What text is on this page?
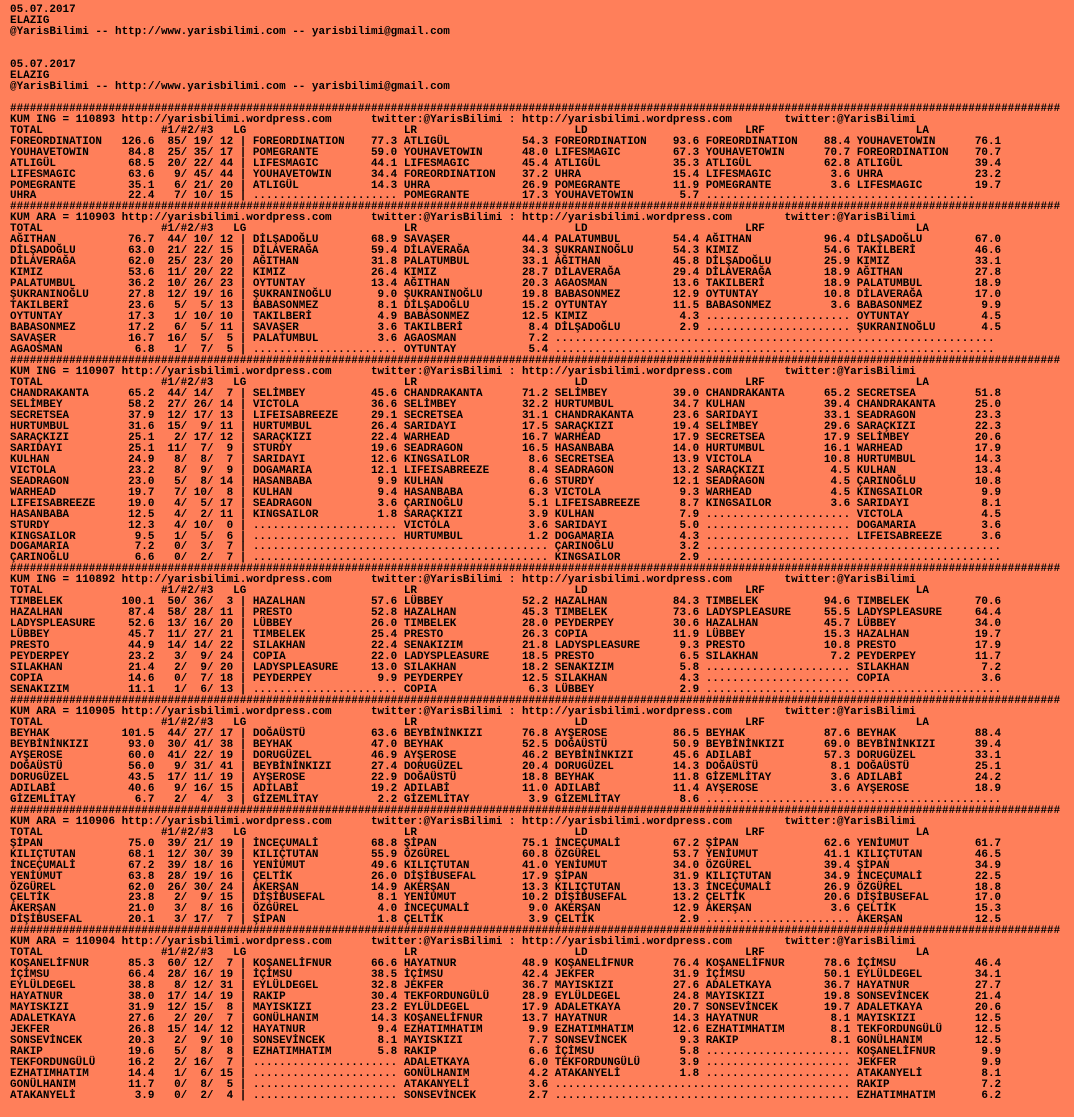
05.07.2017
ELAZIG
@YarisBilimi -- http://www.yarisbilimi.com -- yarisbilimi@gmail.com

05.07.2017
ELAZIG
@YarisBilimi -- http://www.yarisbilimi.com -- yarisbilimi@gmail.com

################################################################################################################################################################
KUM ING = 110893 http://yarisbilimi.wordpress.com      twitter:@YarisBilimi : http://yarisbilimi.wordpress.com        twitter:@YarisBilimi
TOTAL                  #1/#2/#3   LG                        LR                        LD                        LRF                       LA
FOREORDINATION   126.6  85/ 19/ 12 | FOREORDINATION    77.3 ATLIGÜL           54.3 FOREORDINATION    93.6 FOREORDINATION    88.4 YOUHAVETOWIN      76.1
YOUHAVETOWIN      84.8  25/ 35/ 17 | POMEGRANTE        59.0 YOUHAVETOWIN      48.0 LIFESMAGIC        67.3 YOUHAVETOWIN      70.7 FOREORDINATION    70.7
ATLIGÜL           68.5  20/ 22/ 44 | LIFESMAGIC        44.1 LIFESMAGIC        45.4 ATLIGÜL           35.3 ATLIGÜL           62.8 ATLIGÜL           39.4
LIFESMAGIC        63.6   9/ 45/ 44 | YOUHAVETOWIN      34.4 FOREORDINATION    37.2 UHRA              15.4 LIFESMAGIC         3.6 UHRA              23.2
POMEGRANTE        35.1   6/ 21/ 20 | ATLIGÜL           14.3 UHRA              26.9 POMEGRANTE        11.9 POMEGRANTE         3.6 LIFESMAGIC        19.7
UHRA              22.4   7/ 10/ 15 | ...................... POMEGRANTE        17.3 YOUHAVETOWIN       5.7 .........................................
################################################################################################################################################################
KUM ARA = 110903 http://yarisbilimi.wordpress.com      twitter:@YarisBilimi : http://yarisbilimi.wordpress.com        twitter:@YarisBilimi
TOTAL                  #1/#2/#3   LG                        LR                        LD                        LRF                       LA
AĞITHAN           76.7  44/ 10/ 12 | DİLŞADOĞLU        68.9 SAVAŞER           44.4 PALATUMBUL        54.4 AĞITHAN           96.4 DİLŞADOĞLU        67.0
DİLŞADOĞLU        63.0  21/ 22/ 15 | DİLAVERAĞA        59.4 DİLAVERAĞA        34.3 ŞUKRANINOĞLU      54.3 KIMIZ             54.6 TAKILBERİ         46.6
DİLAVERAĞA        62.0  25/ 23/ 20 | AĞITHAN           31.8 PALATUMBUL        33.1 AĞITHAN           45.8 DİLŞADOĞLU        25.9 KIMIZ             33.1
KIMIZ             53.6  11/ 20/ 22 | KIMIZ             26.4 KIMIZ             28.7 DİLAVERAĞA        29.4 DİLAVERAĞA        18.9 AĞITHAN           27.8
PALATUMBUL        36.2  10/ 26/ 23 | OYTUNTAY          13.4 AĞITHAN           20.3 AGAOSMAN          13.6 TAKILBERİ         18.9 PALATUMBUL        18.9
ŞUKRANINOĞLU      27.8  12/ 19/ 16 | ŞUKRANINOĞLU       9.0 ŞUKRANINOĞLU      19.8 BABASONMEZ        12.9 OYTUNTAY          10.8 DİLAVERAĞA        17.0
TAKILBERİ         23.6   5/  5/ 13 | BABASONMEZ         8.1 DİLŞADOĞLU        15.2 OYTUNTAY          11.5 BABASONMEZ         3.6 BABASONMEZ         9.9
OYTUNTAY          17.3   1/ 10/ 10 | TAKILBERİ          4.9 BABASONMEZ        12.5 KIMIZ              4.3 ...................... OYTUNTAY           4.5
BABASONMEZ        17.2   6/  5/ 11 | SAVAŞER            3.6 TAKILBERİ          8.4 DİLŞADOĞLU         2.9 ...................... ŞUKRANINOĞLU       4.5
SAVAŞER           16.7  16/  5/  5 | PALATUMBUL         3.6 AGAOSMAN           7.2 ...................................................................
AGAOSMAN           6.8   1/  7/  5 | ...................... OYTUNTAY           5.4 ...................................................................
################################################################################################################################################################
KUM ING = 110907 http://yarisbilimi.wordpress.com      twitter:@YarisBilimi : http://yarisbilimi.wordpress.com        twitter:@YarisBilimi
TOTAL                  #1/#2/#3   LG                        LR                        LD                        LRF                       LA
CHANDRAKANTA      65.2  44/ 14/  7 | SELİMBEY          45.6 CHANDRAKANTA      71.2 SELİMBEY          39.0 CHANDRAKANTA      65.2 SECRETSEA         51.8
SELİMBEY          58.2  27/ 26/ 14 | VICTOLA           36.6 SELİMBEY          32.2 HURTUMBUL         34.7 KULHAN            39.4 CHANDRAKANTA      25.0
SECRETSEA         37.9  12/ 17/ 13 | LIFEISABREEZE     29.1 SECRETSEA         31.1 CHANDRAKANTA      23.6 SARIDAYI          33.1 SEADRAGON         23.3
HURTUMBUL         31.6  15/  9/ 11 | HURTUMBUL         26.4 SARIDAYI          17.5 SARAÇKIZI         19.4 SELİMBEY          29.6 SARAÇKIZI         22.3
SARAÇKIZI         25.1   2/ 17/ 12 | SARAÇKIZI         22.4 WARHEAD           16.7 WARHEAD           17.9 SECRETSEA         17.9 SELİMBEY          20.6
SARIDAYI          25.1  11/  7/  9 | STURDY            19.6 SEADRAGON         16.5 HASANBABA         14.0 HURTUMBUL         16.1 WARHEAD           17.9
KULHAN            24.9   8/  8/  7 | SARIDAYI          12.6 KINGSAILOR         8.6 SECRETSEA         13.9 VICTOLA           10.8 HURTUMBUL         14.3
VICTOLA           23.2   8/  9/  9 | DOGAMARIA         12.1 LIFEISABREEZE      8.4 SEADRAGON         13.2 SARAÇKIZI          4.5 KULHAN            13.4
SEADRAGON         23.0   5/  8/ 14 | HASANBABA          9.9 KULHAN             6.6 STURDY            12.1 SEADRAGON          4.5 ÇARINOĞLU         10.8
WARHEAD           19.7   7/ 10/  8 | KULHAN             9.4 HASANBABA          6.3 VICTOLA            9.3 WARHEAD            4.5 KINGSAILOR         9.9
LIFEISABREEZE     19.0   4/  5/ 17 | SEADRAGON          3.6 ÇARINOĞLU          5.1 LIFEISABREEZE      8.7 KINGSAILOR         3.6 SARIDAYI           8.1
HASANBABA         12.5   4/  2/ 11 | KINGSAILOR         1.8 SARAÇKIZI          3.9 KULHAN             7.9 ...................... VICTOLA            4.5
STURDY            12.3   4/ 10/  0 | ...................... VICTOLA            3.6 SARIDAYI           5.0 ...................... DOGAMARIA          3.6
KINGSAILOR         9.5   1/  5/  6 | ...................... HURTUMBUL          1.2 DOGAMARIA          4.3 ...................... LIFEISABREEZE      3.6
DOGAMARIA          7.2   0/  3/  7 | ............................................. ÇARINOĞLU          3.2 .............................................
ÇARINOĞLU          6.6   0/  2/  7 | ............................................. KINGSAILOR         2.9 .............................................
################################################################################################################################################################
KUM ING = 110892 http://yarisbilimi.wordpress.com      twitter:@YarisBilimi : http://yarisbilimi.wordpress.com        twitter:@YarisBilimi
TOTAL                  #1/#2/#3   LG                        LR                        LD                        LRF                       LA
TIMBELEK         100.1  50/ 36/  3 | HAZALHAN          57.6 LÜBBEY            52.2 HAZALHAN          84.3 TIMBELEK          94.6 TIMBELEK          70.6
HAZALHAN          87.4  58/ 28/ 11 | PRESTO            52.8 HAZALHAN          45.3 TIMBELEK          73.6 LADYSPLEASURE     55.5 LADYSPLEASURE     64.4
LADYSPLEASURE     52.6  13/ 16/ 20 | LÜBBEY            26.0 TIMBELEK          28.0 PEYDERPEY         30.6 HAZALHAN          45.7 LÜBBEY            34.0
LÜBBEY            45.7  11/ 27/ 21 | TIMBELEK          25.4 PRESTO            26.3 COPIA             11.9 LÜBBEY            15.3 HAZALHAN          19.7
PRESTO            44.9  14/ 14/ 22 | SILAKHAN          22.4 SENAKIZIM         21.8 LADYSPLEASURE      9.3 PRESTO            10.8 PRESTO            17.9
PEYDERPEY         23.2   3/  9/ 24 | COPIA             22.0 LADYSPLEASURE     18.5 PRESTO             6.5 SILAKHAN           7.2 PEYDERPEY         11.7
SILAKHAN          21.4   2/  9/ 20 | LADYSPLEASURE     13.0 SILAKHAN          18.2 SENAKIZIM          5.8 ...................... SILAKHAN           7.2
COPIA             14.6   0/  7/ 18 | PEYDERPEY          9.9 PEYDERPEY         12.5 SILAKHAN           4.3 ...................... COPIA              3.6
SENAKIZIM         11.1   1/  6/ 13 | ...................... COPIA              6.3 LÜBBEY             2.9 .............................................
################################################################################################################################################################
KUM ARA = 110905 http://yarisbilimi.wordpress.com      twitter:@YarisBilimi : http://yarisbilimi.wordpress.com        twitter:@YarisBilimi
TOTAL                  #1/#2/#3   LG                        LR                        LD                        LRF                       LA
BEYHAK           101.5  44/ 27/ 17 | DOĞAÜSTÜ          63.6 BEYBİNİNKIZI      76.8 AYŞEROSE          86.5 BEYHAK            87.6 BEYHAK            88.4
BEYBİNİNKIZI      93.0  30/ 41/ 38 | BEYHAK            47.0 BEYHAK            52.5 DOĞAÜSTÜ          50.9 BEYBİNİNKIZI      69.0 BEYBİNİNKIZI      39.4
AYŞEROSE          60.0  41/ 22/ 19 | DORUGÜZEL         46.9 AYŞEROSE          46.2 BEYBİNİNKIZI      45.6 ADILABİ           57.3 DORUGÜZEL         33.1
DOĞAÜSTÜ          56.0   9/ 31/ 41 | BEYBİNİNKIZI      27.4 DORUGÜZEL         20.4 DORUGÜZEL         14.3 DOĞAÜSTÜ           8.1 DOĞAÜSTÜ          25.1
DORUGÜZEL         43.5  17/ 11/ 19 | AYŞEROSE          22.9 DOĞAÜSTÜ          18.8 BEYHAK            11.8 GİZEMLİTAY         3.6 ADILABİ           24.2
ADILABİ           40.6   9/ 16/ 15 | ADILABİ           19.2 ADILABİ           11.0 ADILABİ           11.4 AYŞEROSE           3.6 AYŞEROSE          18.9
GİZEMLİTAY         6.7   2/  4/  3 | GİZEMLİTAY         2.2 GİZEMLİTAY         3.9 GİZEMLİTAY         8.6 .............................................
################################################################################################################################################################
KUM ARA = 110906 http://yarisbilimi.wordpress.com      twitter:@YarisBilimi : http://yarisbilimi.wordpress.com        twitter:@YarisBilimi
TOTAL                  #1/#2/#3   LG                        LR                        LD                        LRF                       LA
ŞİPAN             75.0  39/ 21/ 19 | İNCEÇUMALİ        68.8 ŞİPAN             75.1 İNCEÇUMALİ        67.2 ŞİPAN             62.6 YENİUMUT          61.7
KILIÇTUTAN        68.1  12/ 30/ 39 | KILIÇTUTAN        55.9 ÖZGÜREL           60.8 ÖZGÜREL           53.7 YENİUMUT          41.1 KILIÇTUTAN        46.5
İNCEÇUMALİ        67.2  39/ 18/ 16 | YENİUMUT          49.6 KILIÇTUTAN        41.0 YENİUMUT          34.0 ÖZGÜREL           39.4 ŞİPAN             34.9
YENİUMUT          63.8  28/ 19/ 16 | ÇELTİK            26.0 DİŞİBUSEFAL       17.9 ŞİPAN             31.9 KILIÇTUTAN        34.9 İNCEÇUMALİ        22.5
ÖZGÜREL           62.0  26/ 30/ 24 | AKERŞAN           14.9 AKERŞAN           13.3 KILIÇTUTAN        13.3 İNCEÇUMALİ        26.9 ÖZGÜREL           18.8
ÇELTİK            23.8   2/  9/ 15 | DİŞİBUSEFAL        8.1 YENİUMUT          10.2 DİŞİBUSEFAL       13.2 ÇELTİK            20.6 DİŞİBUSEFAL       17.0
AKERŞAN           21.0   3/  8/ 16 | ÖZGÜREL            4.0 İNCEÇUMALİ         9.0 AKERŞAN           12.9 AKERŞAN            3.6 ÇELTİK            15.3
DİŞİBUSEFAL       20.1   3/ 17/  7 | ŞİPAN              1.8 ÇELTİK             3.9 ÇELTİK             2.9 ...................... AKERŞAN           12.5
################################################################################################################################################################
KUM ARA = 110904 http://yarisbilimi.wordpress.com      twitter:@YarisBilimi : http://yarisbilimi.wordpress.com        twitter:@YarisBilimi
TOTAL                  #1/#2/#3   LG                        LR                        LD                        LRF                       LA
KOŞANELİFNUR      85.3  60/ 12/  7 | KOŞANELİFNUR      66.6 HAYATNUR          48.9 KOŞANELİFNUR      76.4 KOŞANELİFNUR      78.6 İÇİMSU            46.4
İÇİMSU            66.4  28/ 16/ 19 | İÇİMSU            38.5 İÇİMSU            42.4 JEKFER            31.9 İÇİMSU            50.1 EYLÜLDEGEL        34.1
EYLÜLDEGEL        38.8   8/ 12/ 31 | EYLÜLDEGEL        32.8 JEKFER            36.7 MAYISKIZI         27.6 ADALETKAYA        36.7 HAYATNUR          27.7
HAYATNUR          38.0  17/ 14/ 19 | RAKIP             30.4 TEKFORDUNGÜLÜ     28.9 EYLÜLDEGEL        24.8 MAYISKIZI         19.8 SONSEVİNCEK       21.4
MAYISKIZI         31.9  12/ 15/  8 | MAYISKIZI         23.2 EYLÜLDEGEL        17.9 ADALETKAYA        20.7 SONSEVİNCEK       19.7 ADALETKAYA        20.6
ADALETKAYA        27.6   2/ 20/  7 | GONÜLHANIM        14.3 KOŞANELİFNUR      13.7 HAYATNUR          14.3 HAYATNUR           8.1 MAYISKIZI         12.5
JEKFER            26.8  15/ 14/ 12 | HAYATNUR           9.4 EZHATIMHATIM       9.9 EZHATIMHATIM      12.6 EZHATIMHATIM       8.1 TEKFORDUNGÜLÜ     12.5
SONSEVİNCEK       20.3   2/  9/ 10 | SONSEVİNCEK        8.1 MAYISKIZI          7.7 SONSEVİNCEK        9.3 RAKIP              8.1 GONÜLHANIM        12.5
RAKIP             19.6   5/  8/  8 | EZHATIMHATIM       5.8 RAKIP              6.6 İÇİMSU             5.8 ...................... KOŞANELİFNUR       9.9
TEKFORDUNGÜLÜ     16.2   2/ 16/  7 | ...................... ADALETKAYA         6.0 TEKFORDUNGÜLÜ      3.9 ...................... JEKFER             9.9
EZHATIMHATIM      14.4   1/  6/ 15 | ...................... GONÜLHANIM         4.2 ATAKANYELİ         1.8 ...................... ATAKANYELİ         8.1
GONÜLHANIM        11.7   0/  8/  5 | ...................... ATAKANYELİ         3.6 ............................................. RAKIP              7.2
ATAKANYELİ         3.9   0/  2/  4 | ...................... SONSEVİNCEK        2.7 ............................................. EZHATIMHATIM       6.2
